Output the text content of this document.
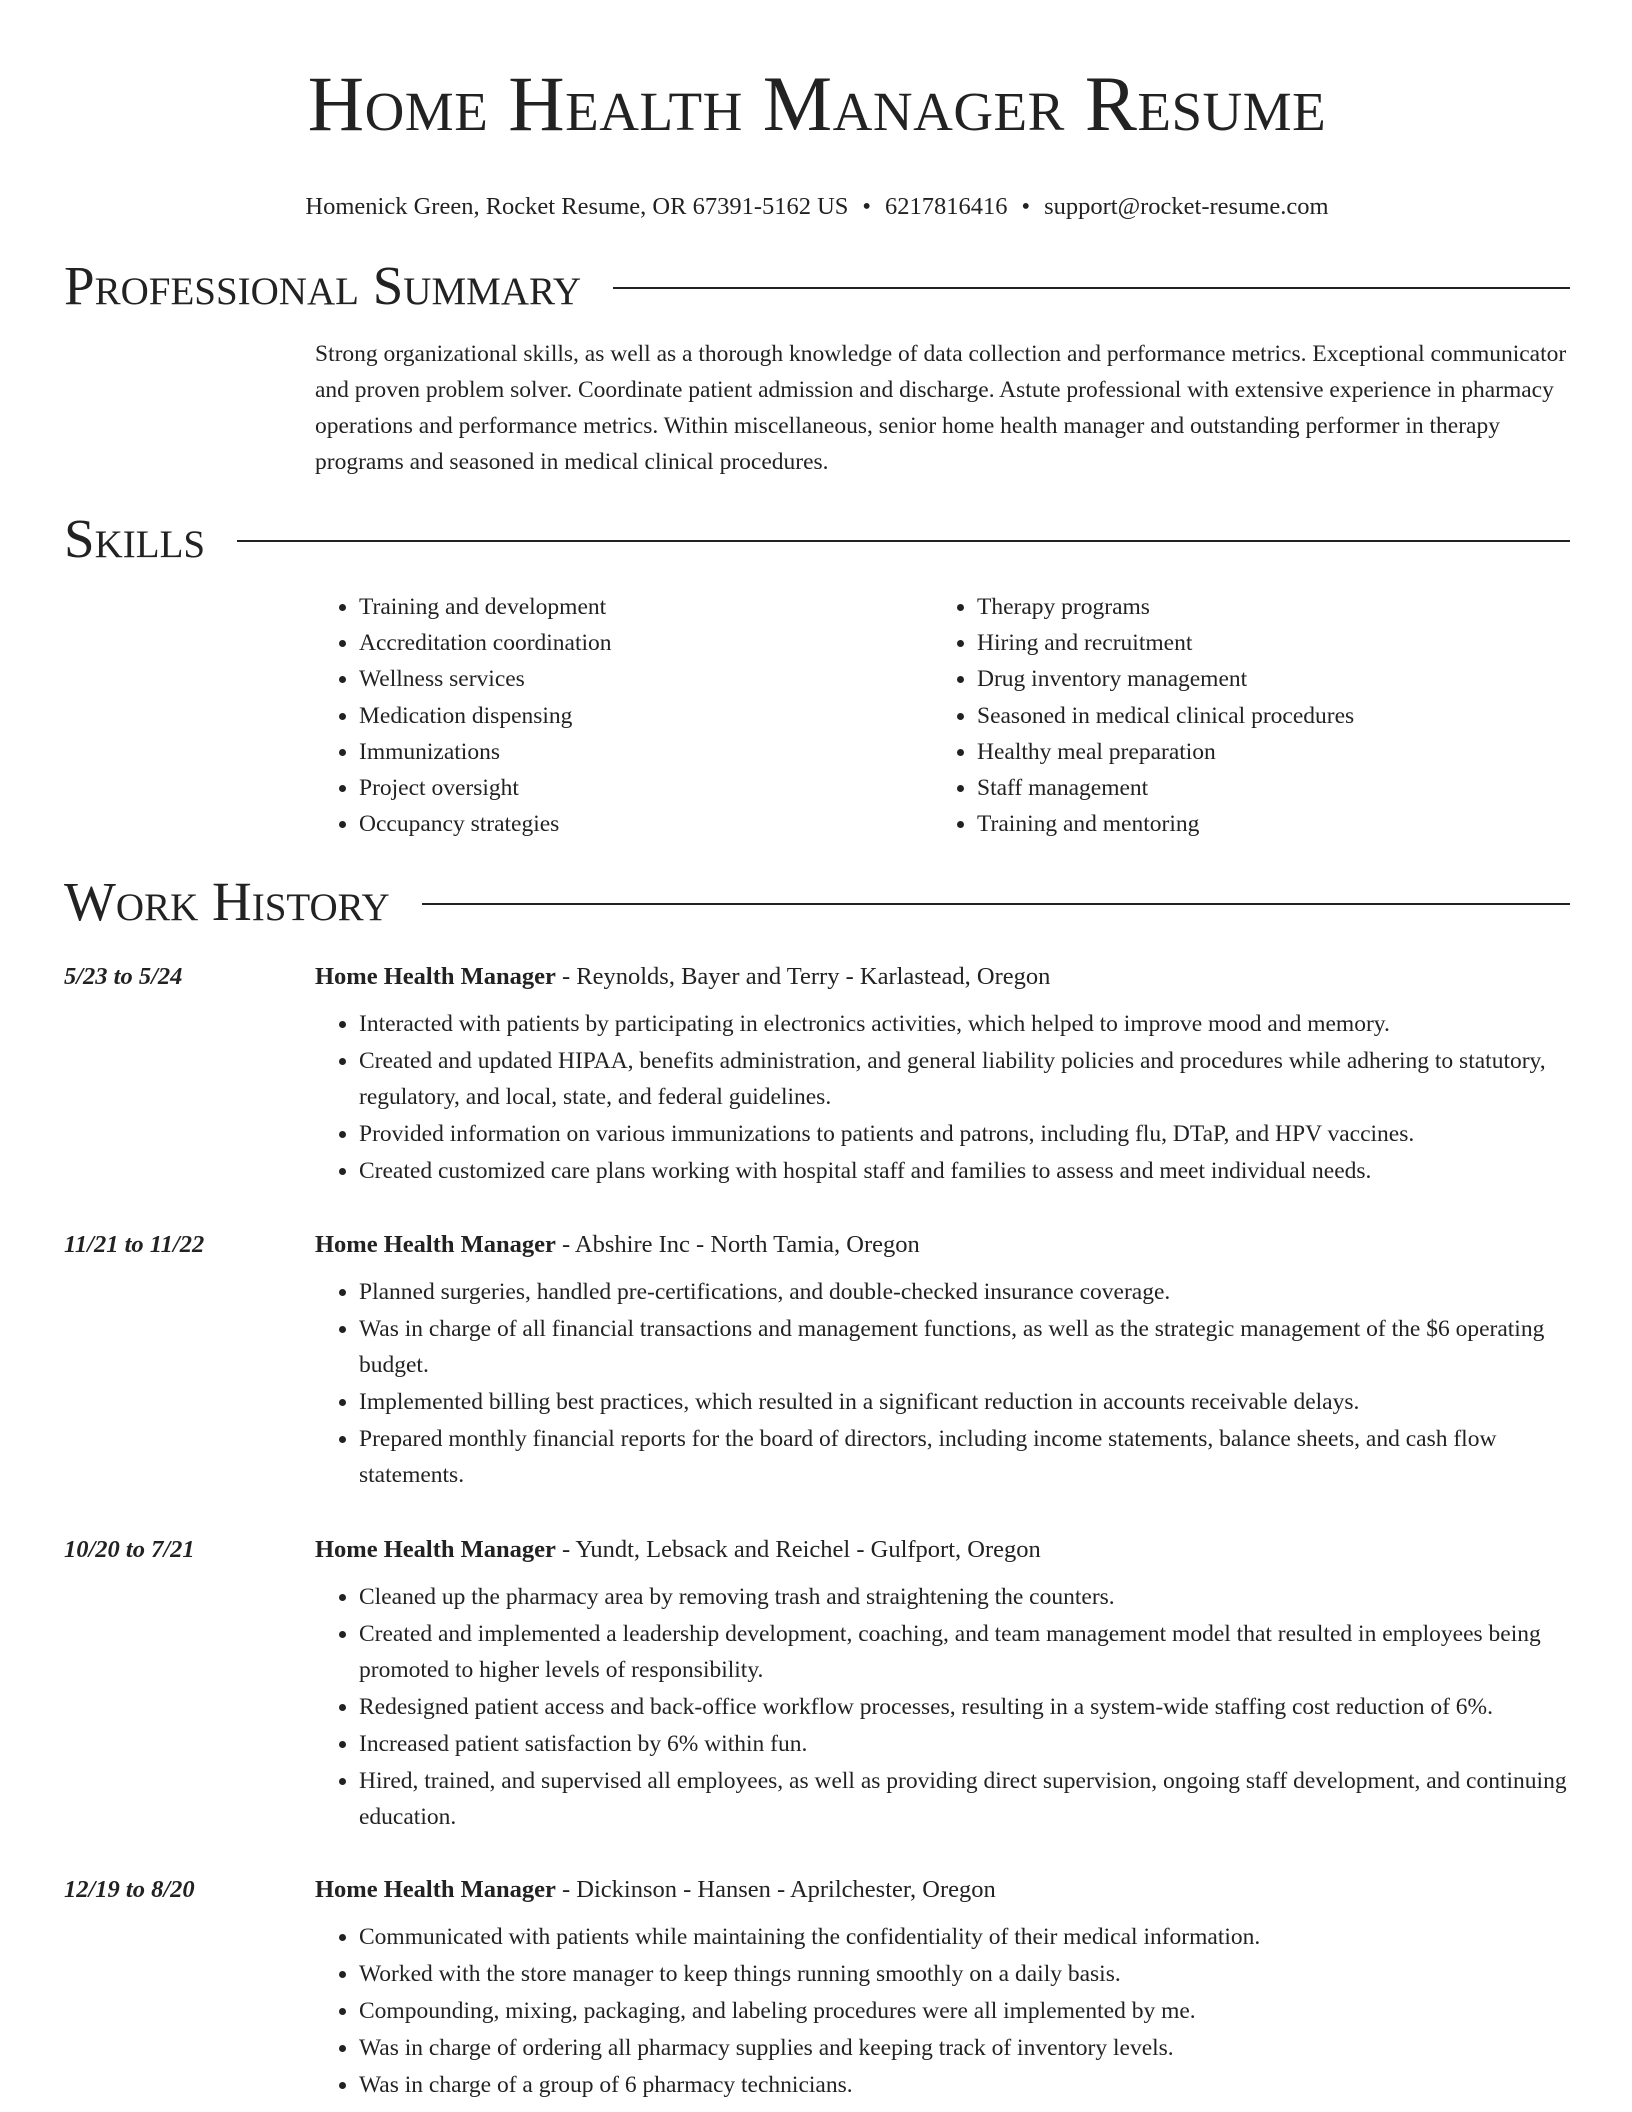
Home Health Manager Resume
Homenick Green, Rocket Resume, OR 67391-5162 US • 6217816416 • support@rocket-resume.com
Professional Summary

Strong organizational skills, as well as a thorough knowledge of data collection and performance metrics. Exceptional communicator and proven problem solver. Coordinate patient admission and discharge. Astute professional with extensive experience in pharmacy operations and performance metrics. Within miscellaneous, senior home health manager and outstanding performer in therapy programs and seasoned in medical clinical procedures.

Skills
• Training and development
• Accreditation coordination
• Wellness services
• Medication dispensing
• Immunizations
• Project oversight
• Occupancy strategies
• Therapy programs
• Hiring and recruitment
• Drug inventory management
• Seasoned in medical clinical procedures
• Healthy meal preparation
• Staff management
• Training and mentoring
Work History
5/23 to 5/24	Home Health Manager - Reynolds, Bayer and Terry - Karlastead, Oregon
• Interacted with patients by participating in electronics activities, which helped to improve mood and memory.
• Created and updated HIPAA, benefits administration, and general liability policies and procedures while adhering to statutory, regulatory, and local, state, and federal guidelines.
• Provided information on various immunizations to patients and patrons, including flu, DTaP, and HPV vaccines.
• Created customized care plans working with hospital staff and families to assess and meet individual needs.
11/21 to 11/22	Home Health Manager - Abshire Inc - North Tamia, Oregon
• Planned surgeries, handled pre-certifications, and double-checked insurance coverage.
• Was in charge of all financial transactions and management functions, as well as the strategic management of the $6 operating budget.
• Implemented billing best practices, which resulted in a significant reduction in accounts receivable delays.
• Prepared monthly financial reports for the board of directors, including income statements, balance sheets, and cash flow statements.
10/20 to 7/21	Home Health Manager - Yundt, Lebsack and Reichel - Gulfport, Oregon
• Cleaned up the pharmacy area by removing trash and straightening the counters.
• Created and implemented a leadership development, coaching, and team management model that resulted in employees being promoted to higher levels of responsibility.
• Redesigned patient access and back-office workflow processes, resulting in a system-wide staffing cost reduction of 6%.
• Increased patient satisfaction by 6% within fun.
• Hired, trained, and supervised all employees, as well as providing direct supervision, ongoing staff development, and continuing education.
12/19 to 8/20	Home Health Manager - Dickinson - Hansen - Aprilchester, Oregon
• Communicated with patients while maintaining the confidentiality of their medical information.
• Worked with the store manager to keep things running smoothly on a daily basis.
• Compounding, mixing, packaging, and labeling procedures were all implemented by me.
• Was in charge of ordering all pharmacy supplies and keeping track of inventory levels.
• Was in charge of a group of 6 pharmacy technicians.
